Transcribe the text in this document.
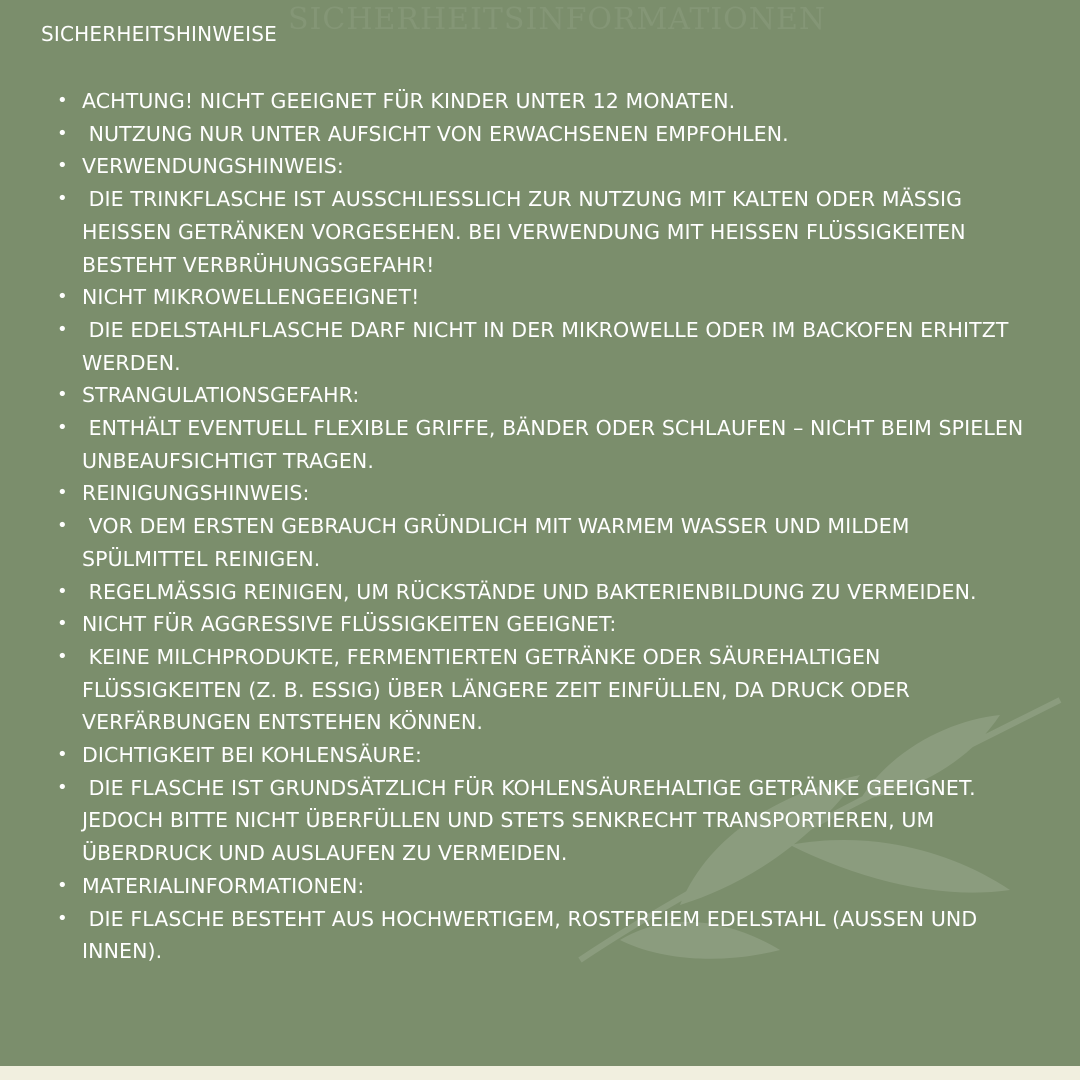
SICHERHEITSINFORMATIONEN
SICHERHEITSHINWEISE
• ACHTUNG! NICHT GEEIGNET FÜR KINDER UNTER 12 MONATEN.
• NUTZUNG NUR UNTER AUFSICHT VON ERWACHSENEN EMPFOHLEN.
• VERWENDUNGSHINWEIS:
• DIE TRINKFLASCHE IST AUSSCHLIESSLICH ZUR NUTZUNG MIT KALTEN ODER MÄSSIG HEISSEN GETRÄNKEN VORGESEHEN. BEI VERWENDUNG MIT HEISSEN FLÜSSIGKEITEN BESTEHT VERBRÜHUNGSGEFAHR!
• NICHT MIKROWELLENGEEIGNET!
• DIE EDELSTAHLFLASCHE DARF NICHT IN DER MIKROWELLE ODER IM BACKOFEN ERHITZT WERDEN.
• STRANGULATIONSGEFAHR:
• ENTHÄLT EVENTUELL FLEXIBLE GRIFFE, BÄNDER ODER SCHLAUFEN – NICHT BEIM SPIELEN UNBEAUFSICHTIGT TRAGEN.
• REINIGUNGSHINWEIS:
• VOR DEM ERSTEN GEBRAUCH GRÜNDLICH MIT WARMEM WASSER UND MILDEM SPÜLMITTEL REINIGEN.
• REGELMÄSSIG REINIGEN, UM RÜCKSTÄNDE UND BAKTERIENBILDUNG ZU VERMEIDEN.
• NICHT FÜR AGGRESSIVE FLÜSSIGKEITEN GEEIGNET:
• KEINE MILCHPRODUKTE, FERMENTIERTEN GETRÄNKE ODER SÄUREHALTIGEN FLÜSSIGKEITEN (Z. B. ESSIG) ÜBER LÄNGERE ZEIT EINFÜLLEN, DA DRUCK ODER VERFÄRBUNGEN ENTSTEHEN KÖNNEN.
• DICHTIGKEIT BEI KOHLENSÄURE:
• DIE FLASCHE IST GRUNDSÄTZLICH FÜR KOHLENSÄUREHALTIGE GETRÄNKE GEEIGNET. JEDOCH BITTE NICHT ÜBERFÜLLEN UND STETS SENKRECHT TRANSPORTIEREN, UM ÜBERDRUCK UND AUSLAUFEN ZU VERMEIDEN.
• MATERIALINFORMATIONEN:
• DIE FLASCHE BESTEHT AUS HOCHWERTIGEM, ROSTFREIEM EDELSTAHL (AUSSEN UND INNEN).
